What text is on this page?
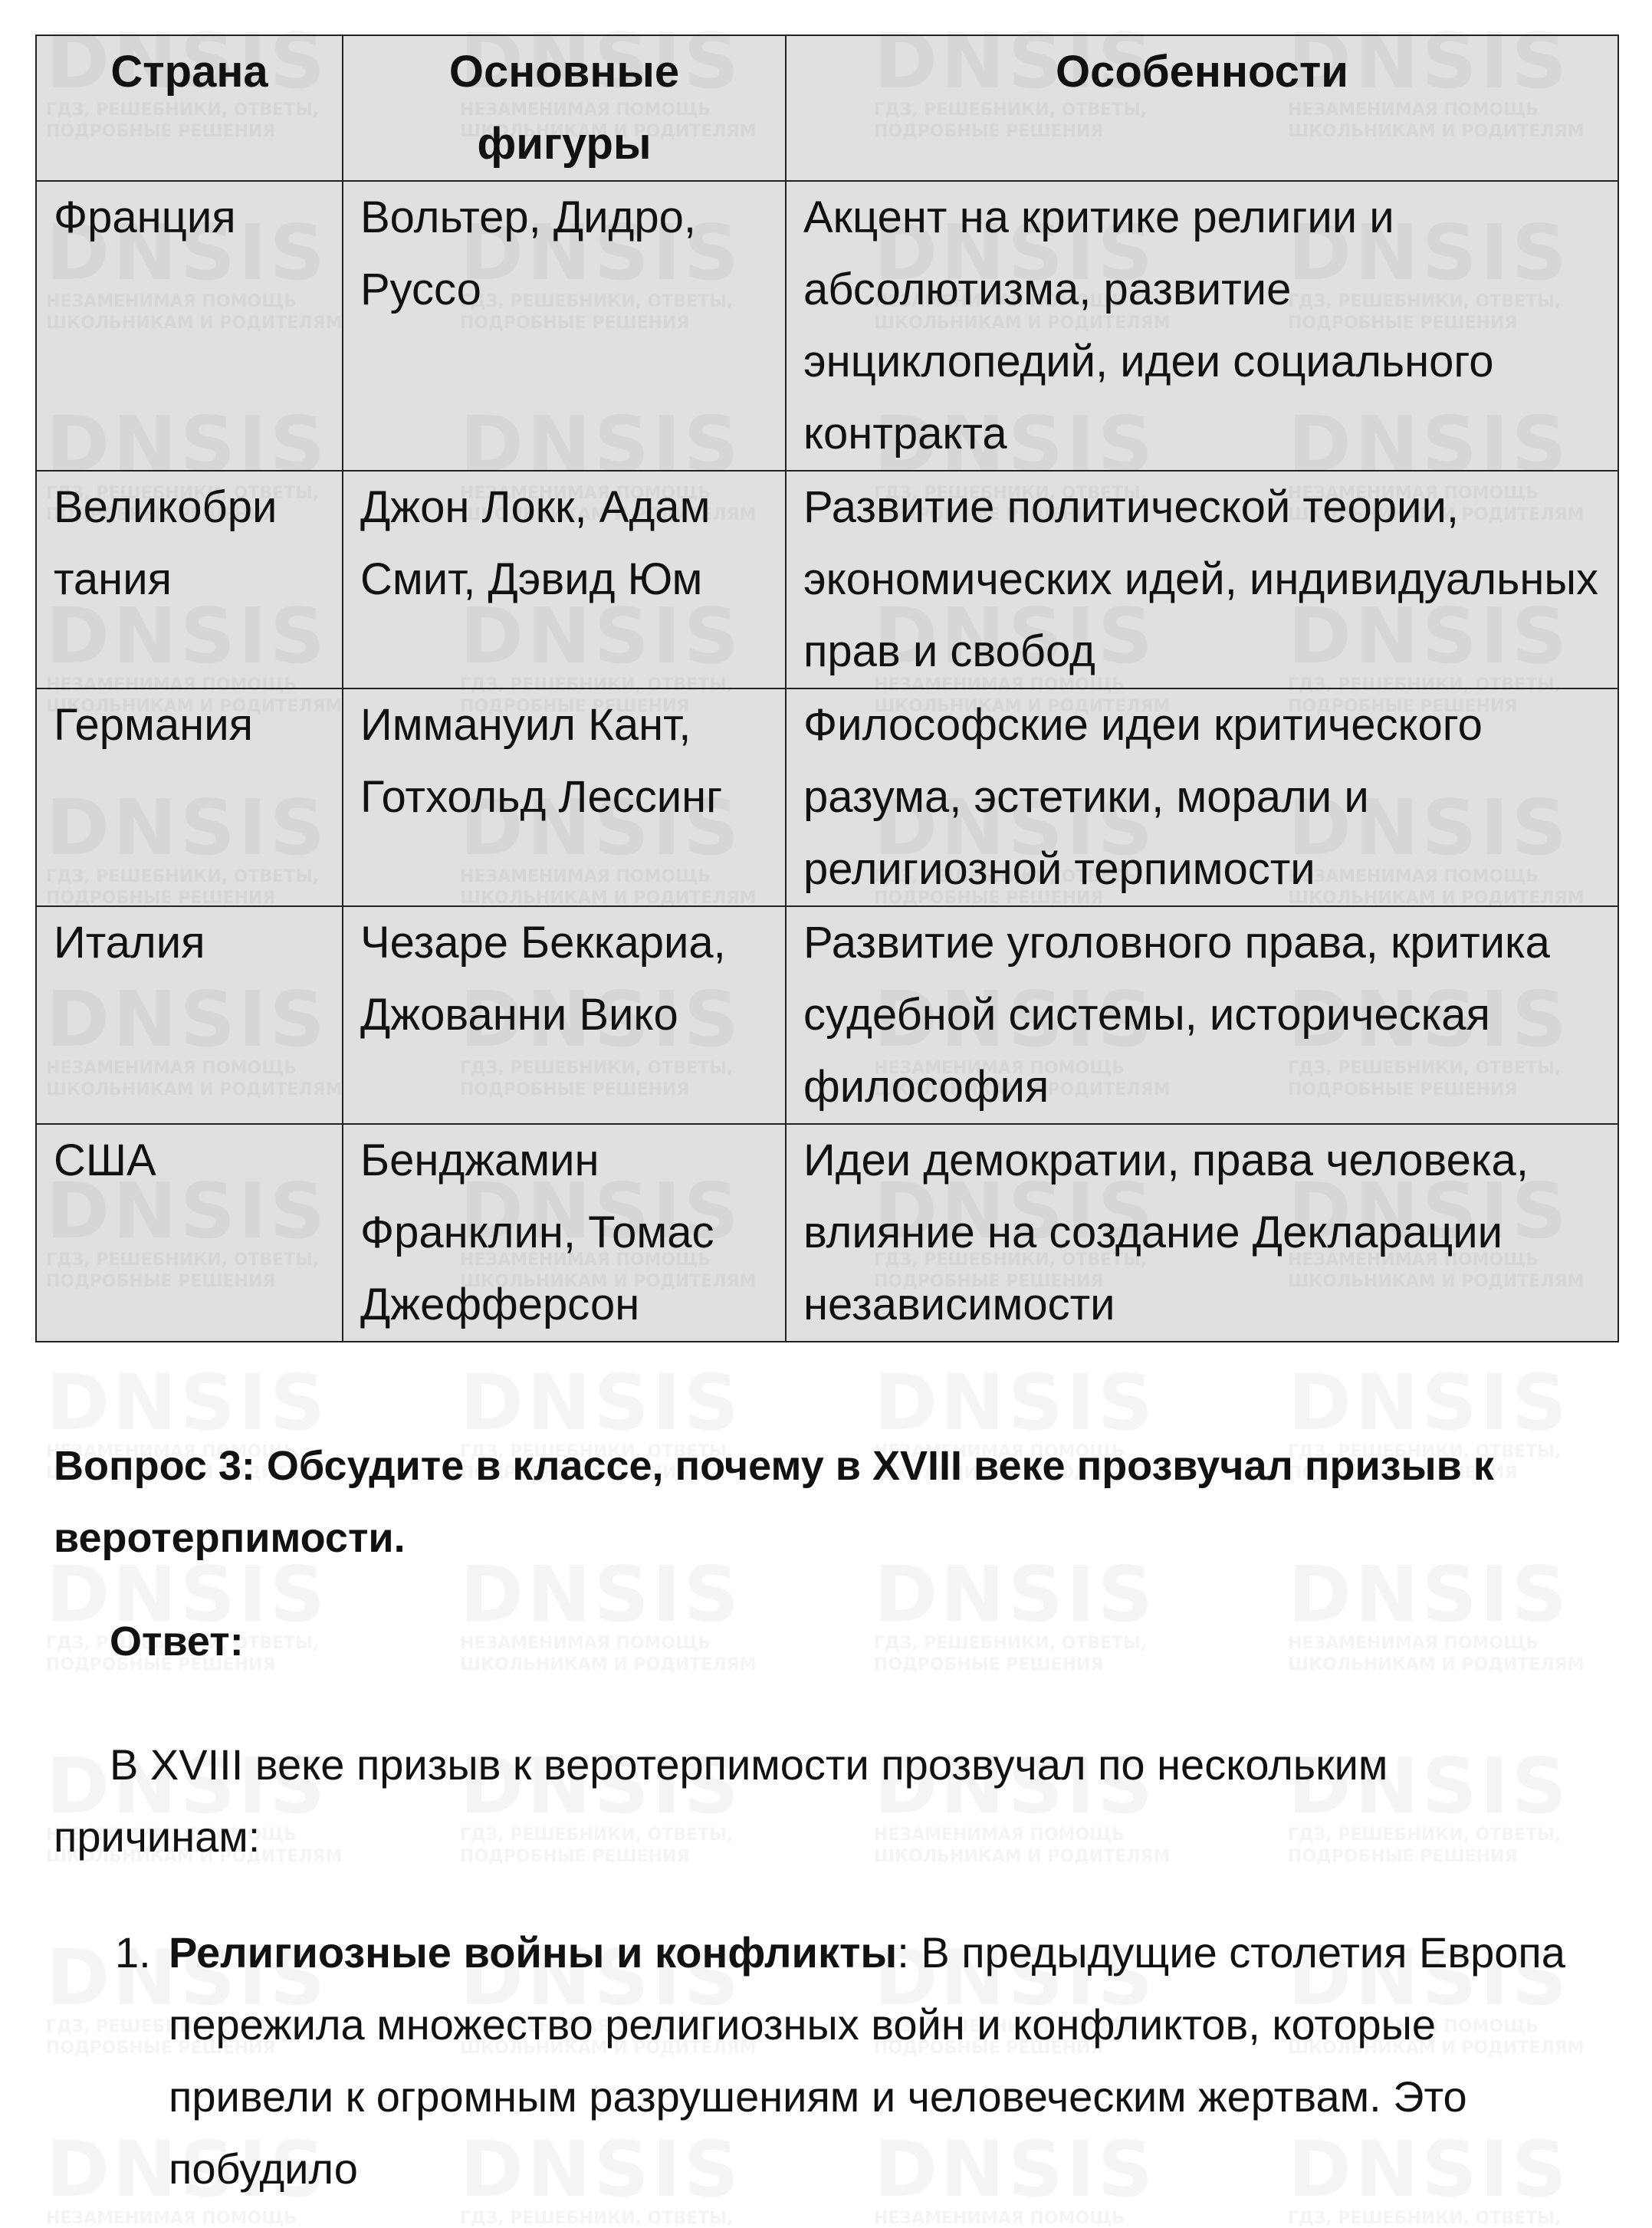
Страна	Основные фигуры	Особенности
Франция	Вольтер, Дидро, Руссо	Акцент на критике религии и абсолютизма, развитие энциклопедий, идеи социального контракта
Великобри тания	Джон Локк, Адам Смит, Дэвид Юм	Развитие политической теории, экономических идей, индивидуальных прав и свобод
Германия	Иммануил Кант, Готхольд Лессинг	Философские идеи критического разума, эстетики, морали и религиозной терпимости
Италия	Чезаре Беккариа, Джованни Вико	Развитие уголовного права, критика судебной системы, историческая философия
США	Бенджамин Франклин, Томас Джефферсон	Идеи демократии, права человека, влияние на создание Декларации независимости
Вопрос 3: Обсудите в классе, почему в XVIII веке прозвучал призыв к веротерпимости.
Ответ:
В XVIII веке призыв к веротерпимости прозвучал по нескольким причинам:
1. Религиозные войны и конфликты: В предыдущие столетия Европа пережила множество религиозных войн и конфликтов, которые привели к огромным разрушениям и человеческим жертвам. Это побудило
